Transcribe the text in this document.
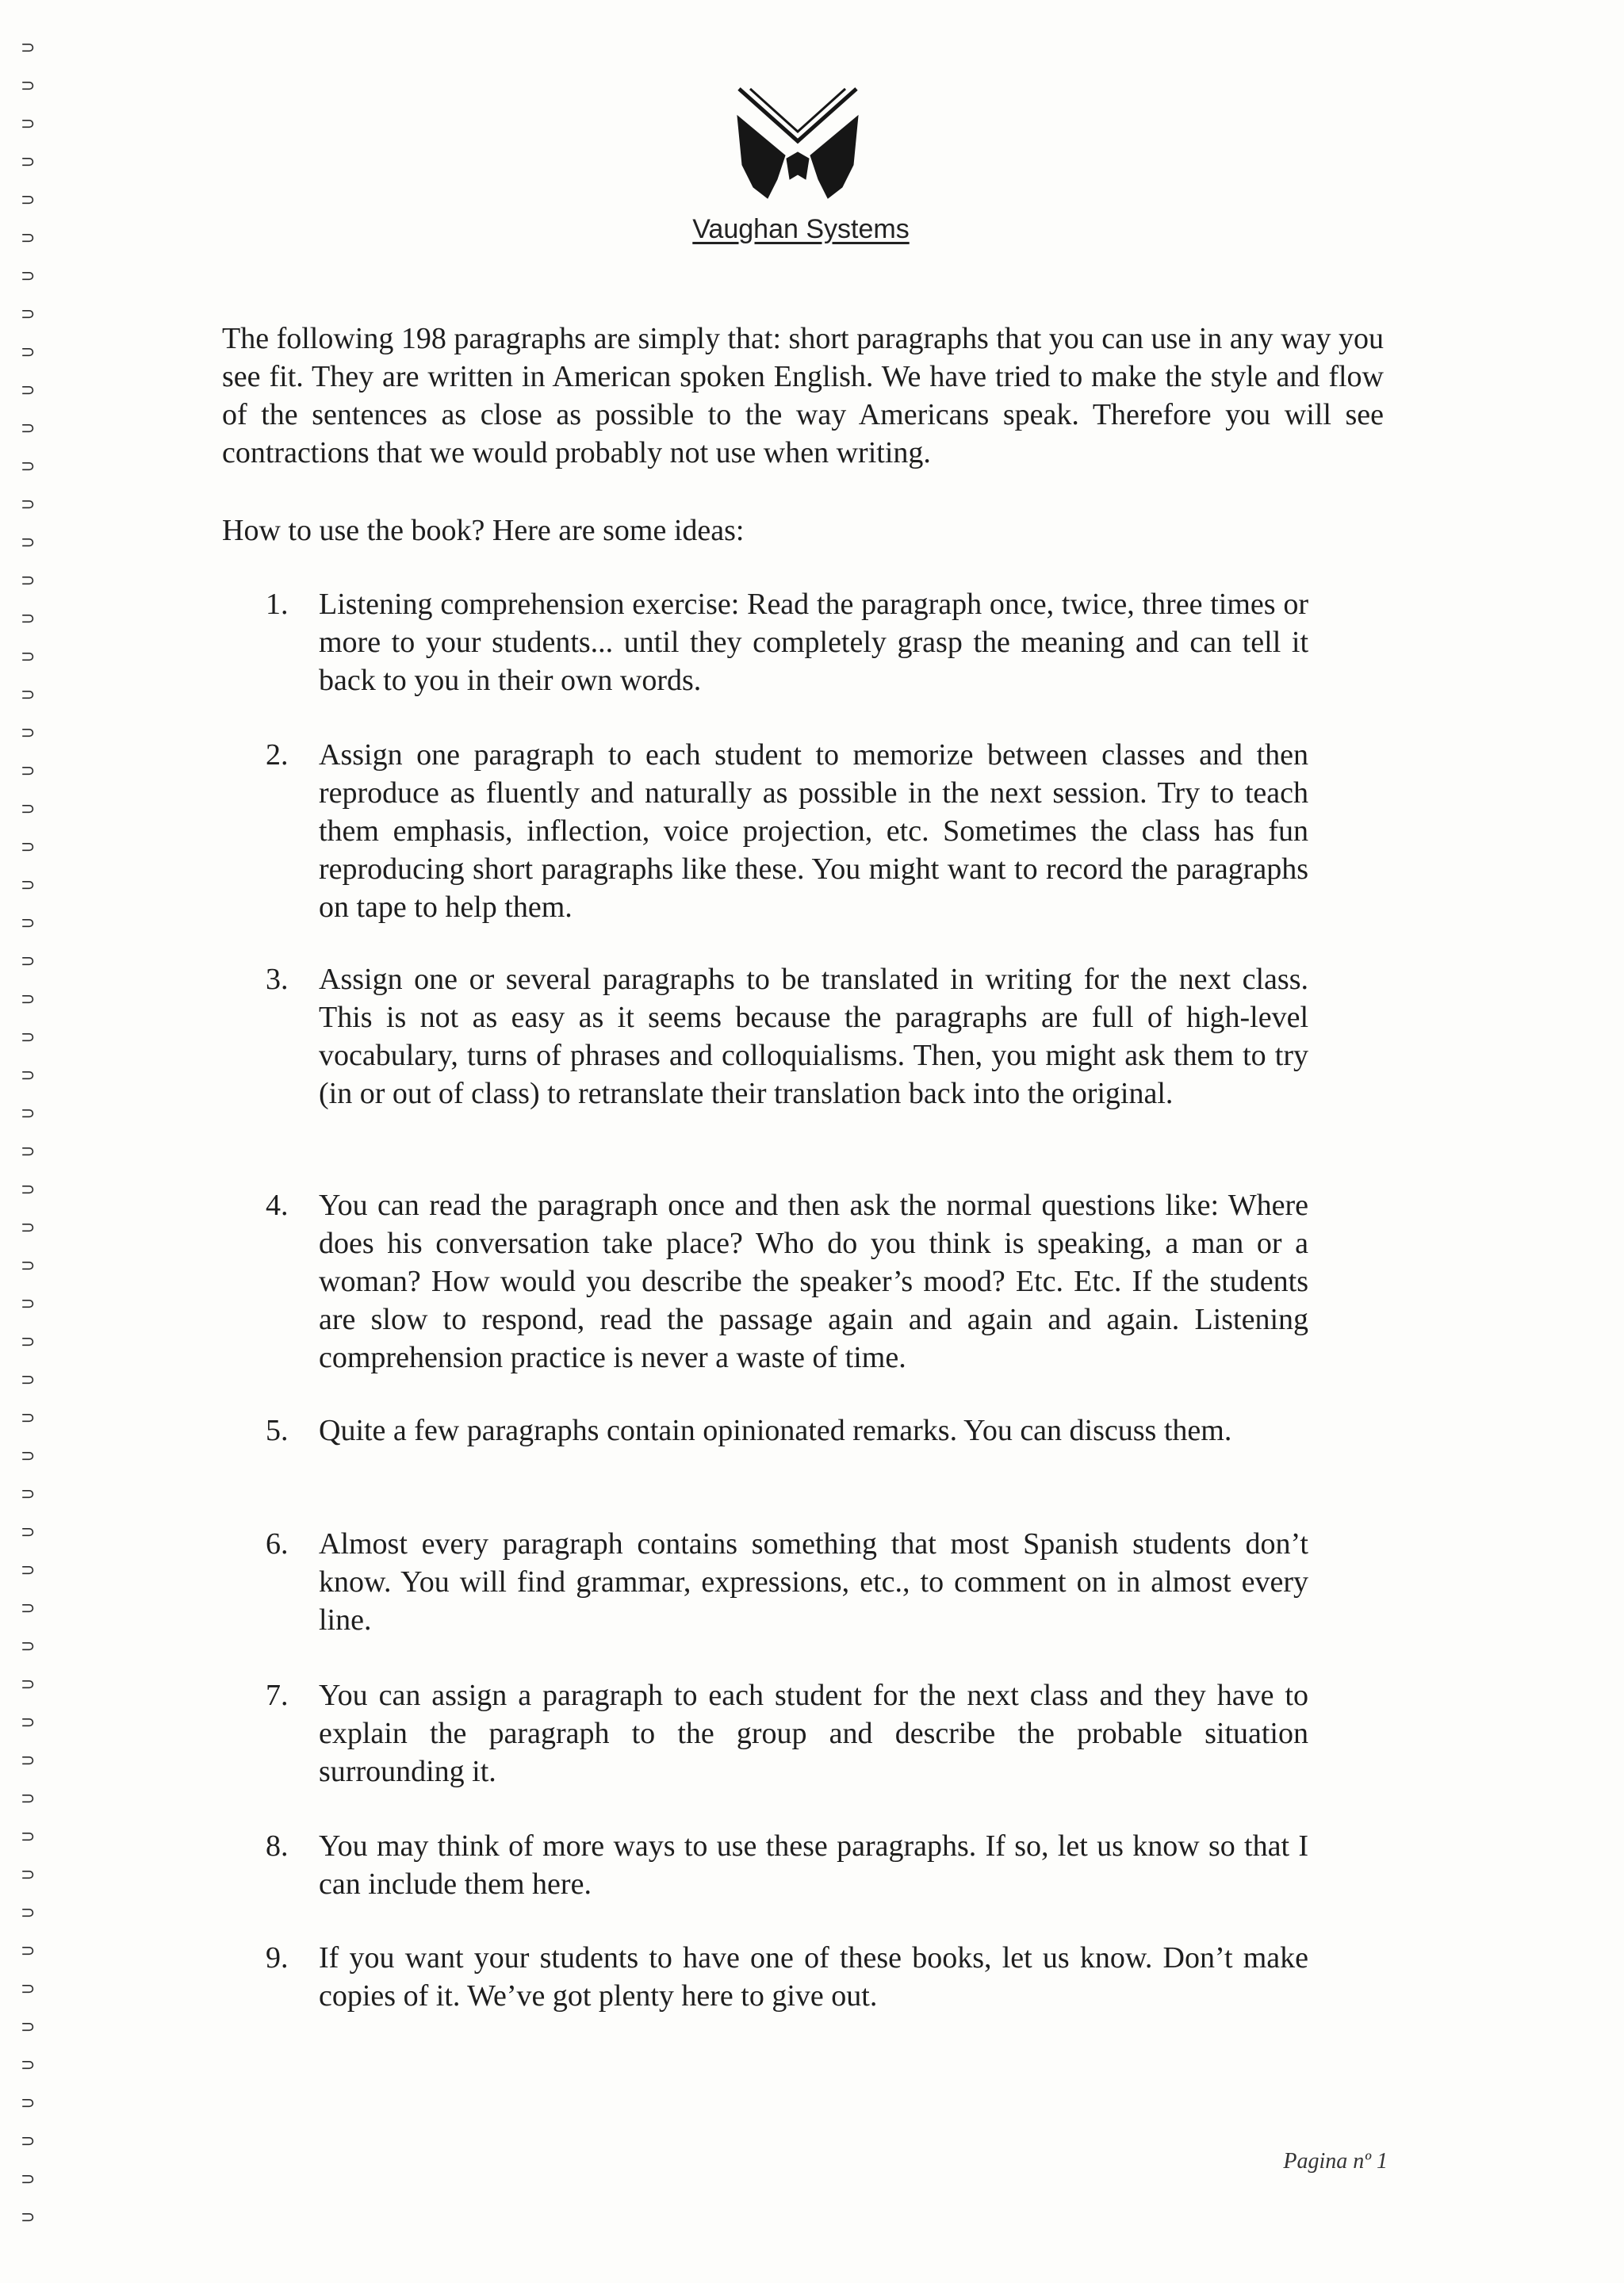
⊃
⊃
⊃
⊃
⊃
⊃
⊃
⊃
⊃
⊃
⊃
⊃
⊃
⊃
⊃
⊃
⊃
⊃
⊃
⊃
⊃
⊃
⊃
⊃
⊃
⊃
⊃
⊃
⊃
⊃
⊃
⊃
⊃
⊃
⊃
⊃
⊃
⊃
⊃
⊃
⊃
⊃
⊃
⊃
⊃
⊃
⊃
⊃
⊃
⊃
⊃
⊃
⊃
⊃
⊃
⊃
⊃
⊃
Vaughan Systems

The following 198 paragraphs are simply that: short paragraphs that you can use in any way you see fit. They are written in American spoken English. We have tried to make the style and flow of the sentences as close as possible to the way Americans speak. Therefore you will see contractions that we would probably not use when writing.

How to use the book? Here are some ideas:

1.	Listening comprehension exercise: Read the paragraph once, twice, three times or more to your students... until they completely grasp the meaning and can tell it back to you in their own words.

2.	Assign one paragraph to each student to memorize between classes and then reproduce as fluently and naturally as possible in the next session. Try to teach them emphasis, inflection, voice projection, etc. Sometimes the class has fun reproducing short paragraphs like these. You might want to record the paragraphs on tape to help them.

3.	Assign one or several paragraphs to be translated in writing for the next class. This is not as easy as it seems because the paragraphs are full of high-level vocabulary, turns of phrases and colloquialisms. Then, you might ask them to try (in or out of class) to retranslate their translation back into the original.

4.	You can read the paragraph once and then ask the normal questions like: Where does his conversation take place? Who do you think is speaking, a man or a woman? How would you describe the speaker’s mood? Etc. Etc. If the students are slow to respond, read the passage again and again and again. Listening comprehension practice is never a waste of time.

5.	Quite a few paragraphs contain opinionated remarks. You can discuss them.

6.	Almost every paragraph contains something that most Spanish students don’t know. You will find grammar, expressions, etc., to comment on in almost every line.

7.	You can assign a paragraph to each student for the next class and they have to explain the paragraph to the group and describe the probable situation surrounding it.

8.	You may think of more ways to use these paragraphs. If so, let us know so that I can include them here.

9.	If you want your students to have one of these books, let us know. Don’t make copies of it. We’ve got plenty here to give out.

Pagina nº 1
